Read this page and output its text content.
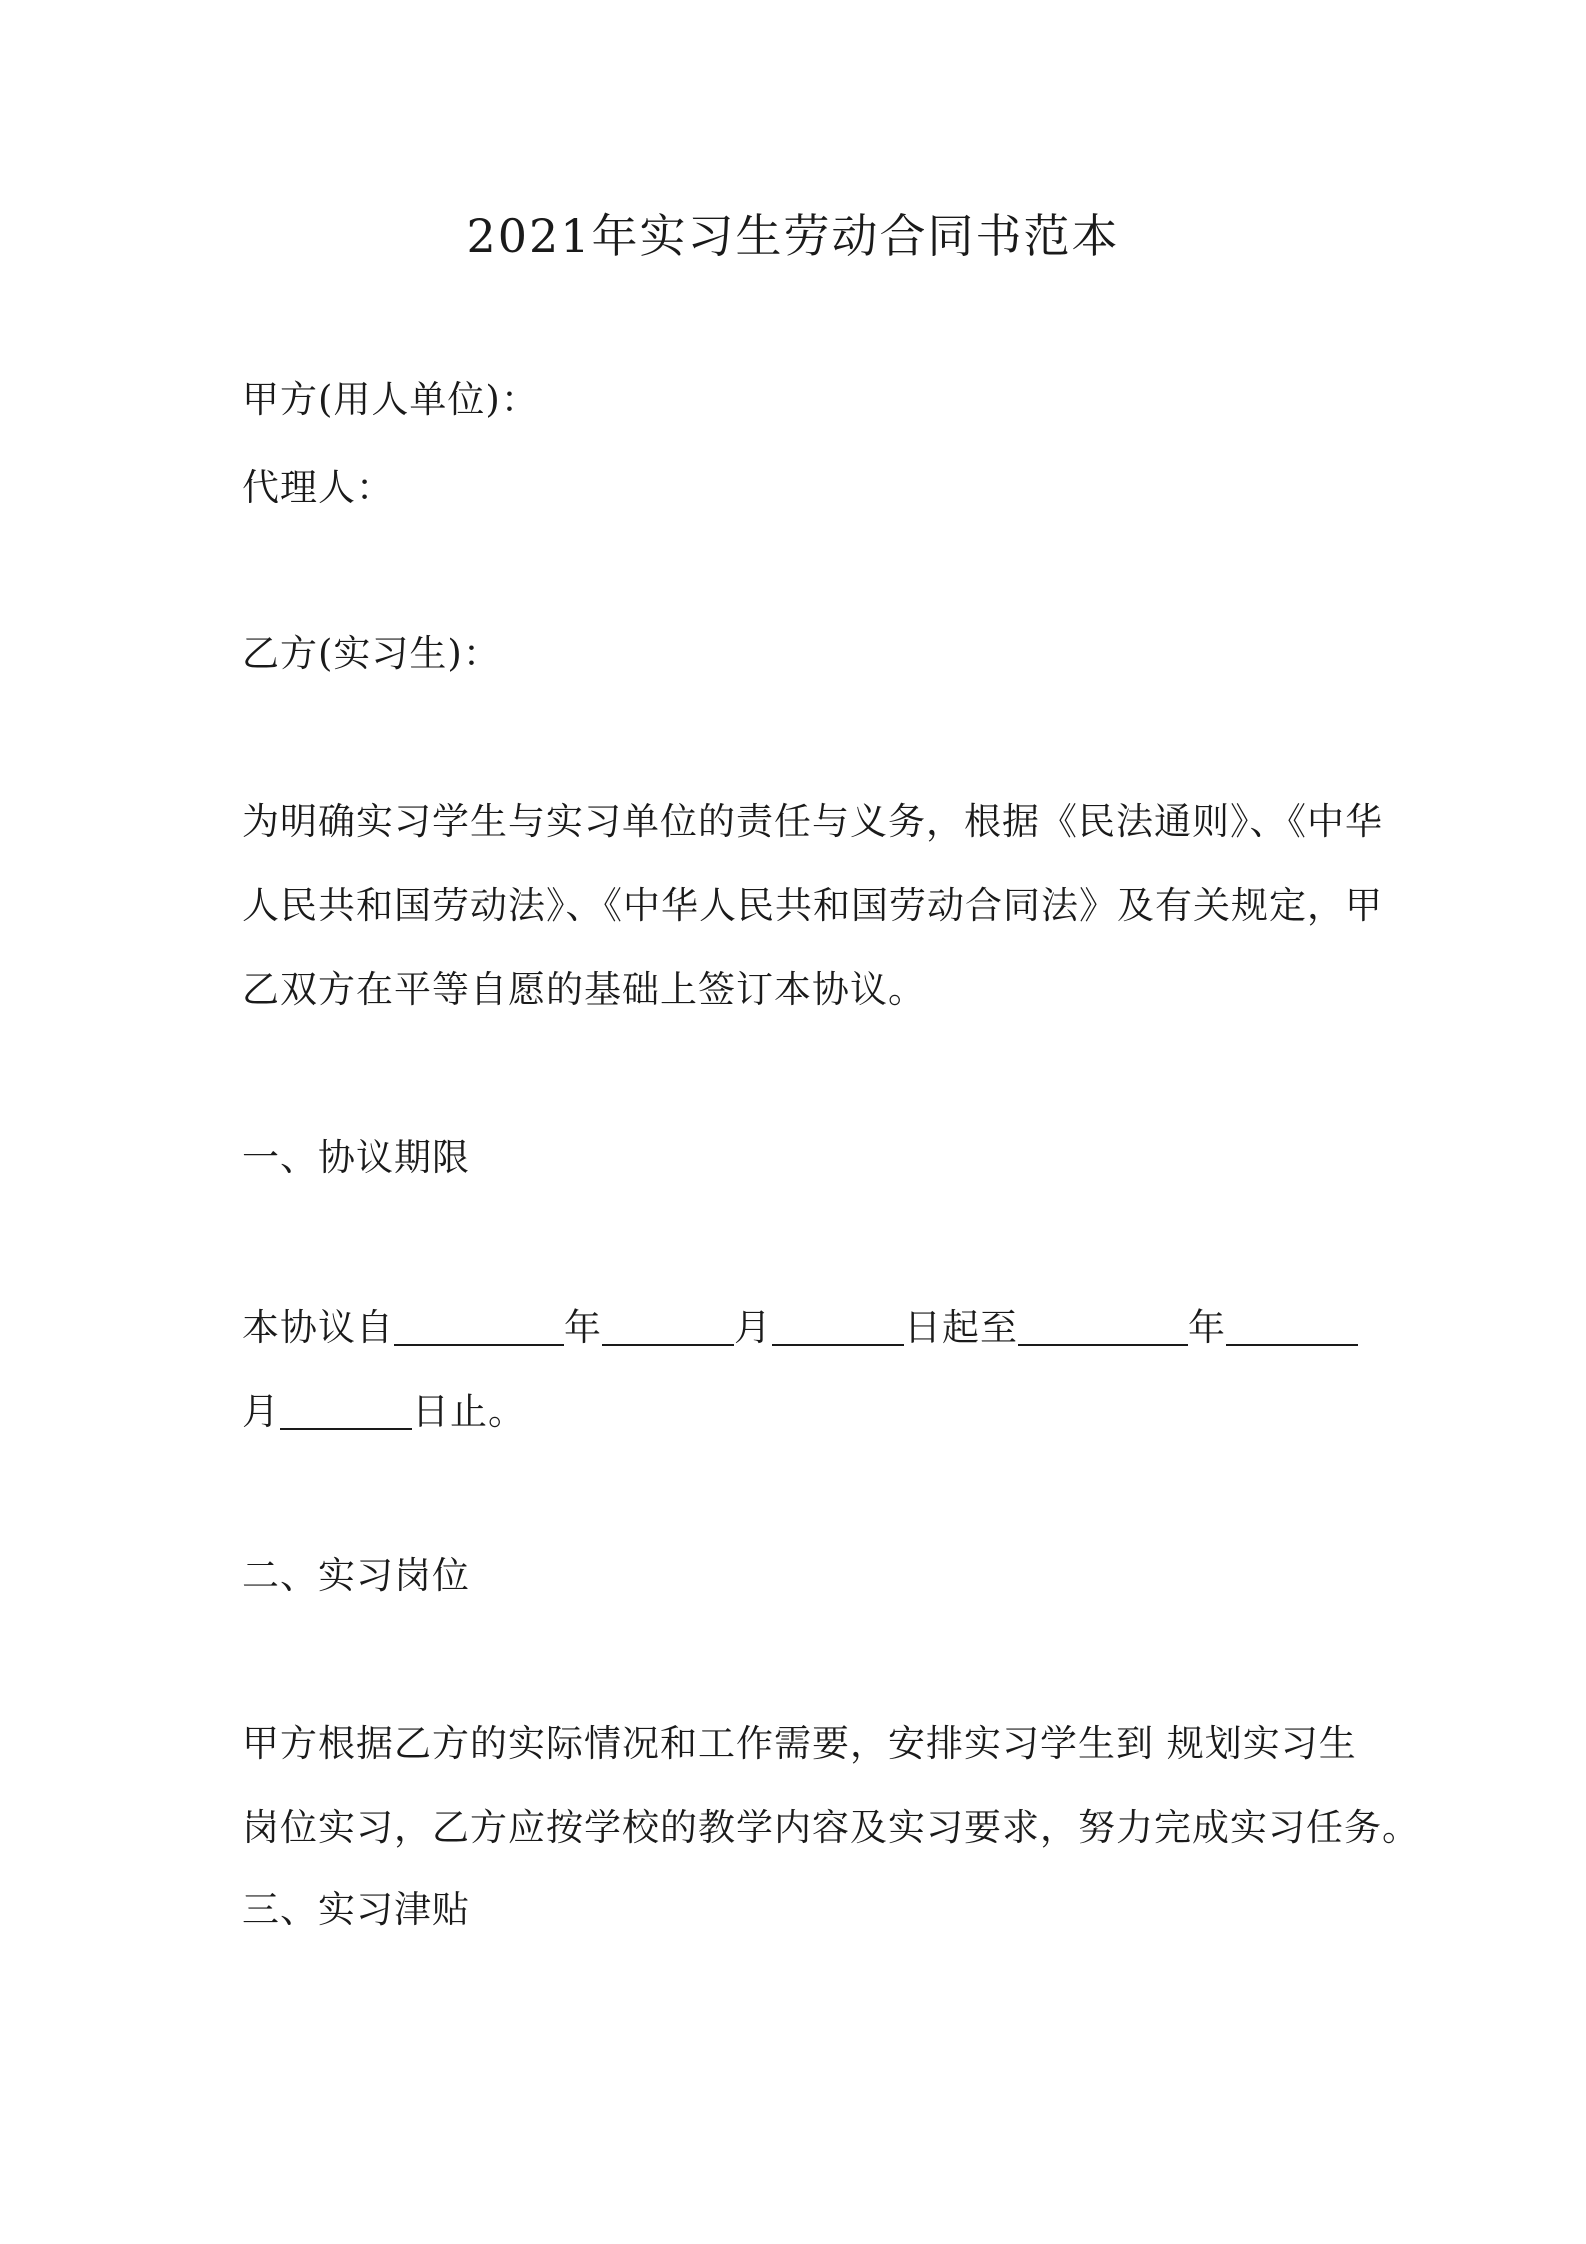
2021年实习生劳动合同书范本
甲方(用人单位)：
代理人：
乙方(实习生)：
为明确实习学生与实习单位的责任与义务，根据《民法通则》、《中华
人民共和国劳动法》、《中华人民共和国劳动合同法》及有关规定，甲
乙双方在平等自愿的基础上签订本协议。
一、协议期限
本协议自	年	月	日起至	年
月	日止。
二、实习岗位
甲方根据乙方的实际情况和工作需要，安排实习学生到 规划实习生
岗位实习，乙方应按学校的教学内容及实习要求，努力完成实习任务。
三、实习津贴
